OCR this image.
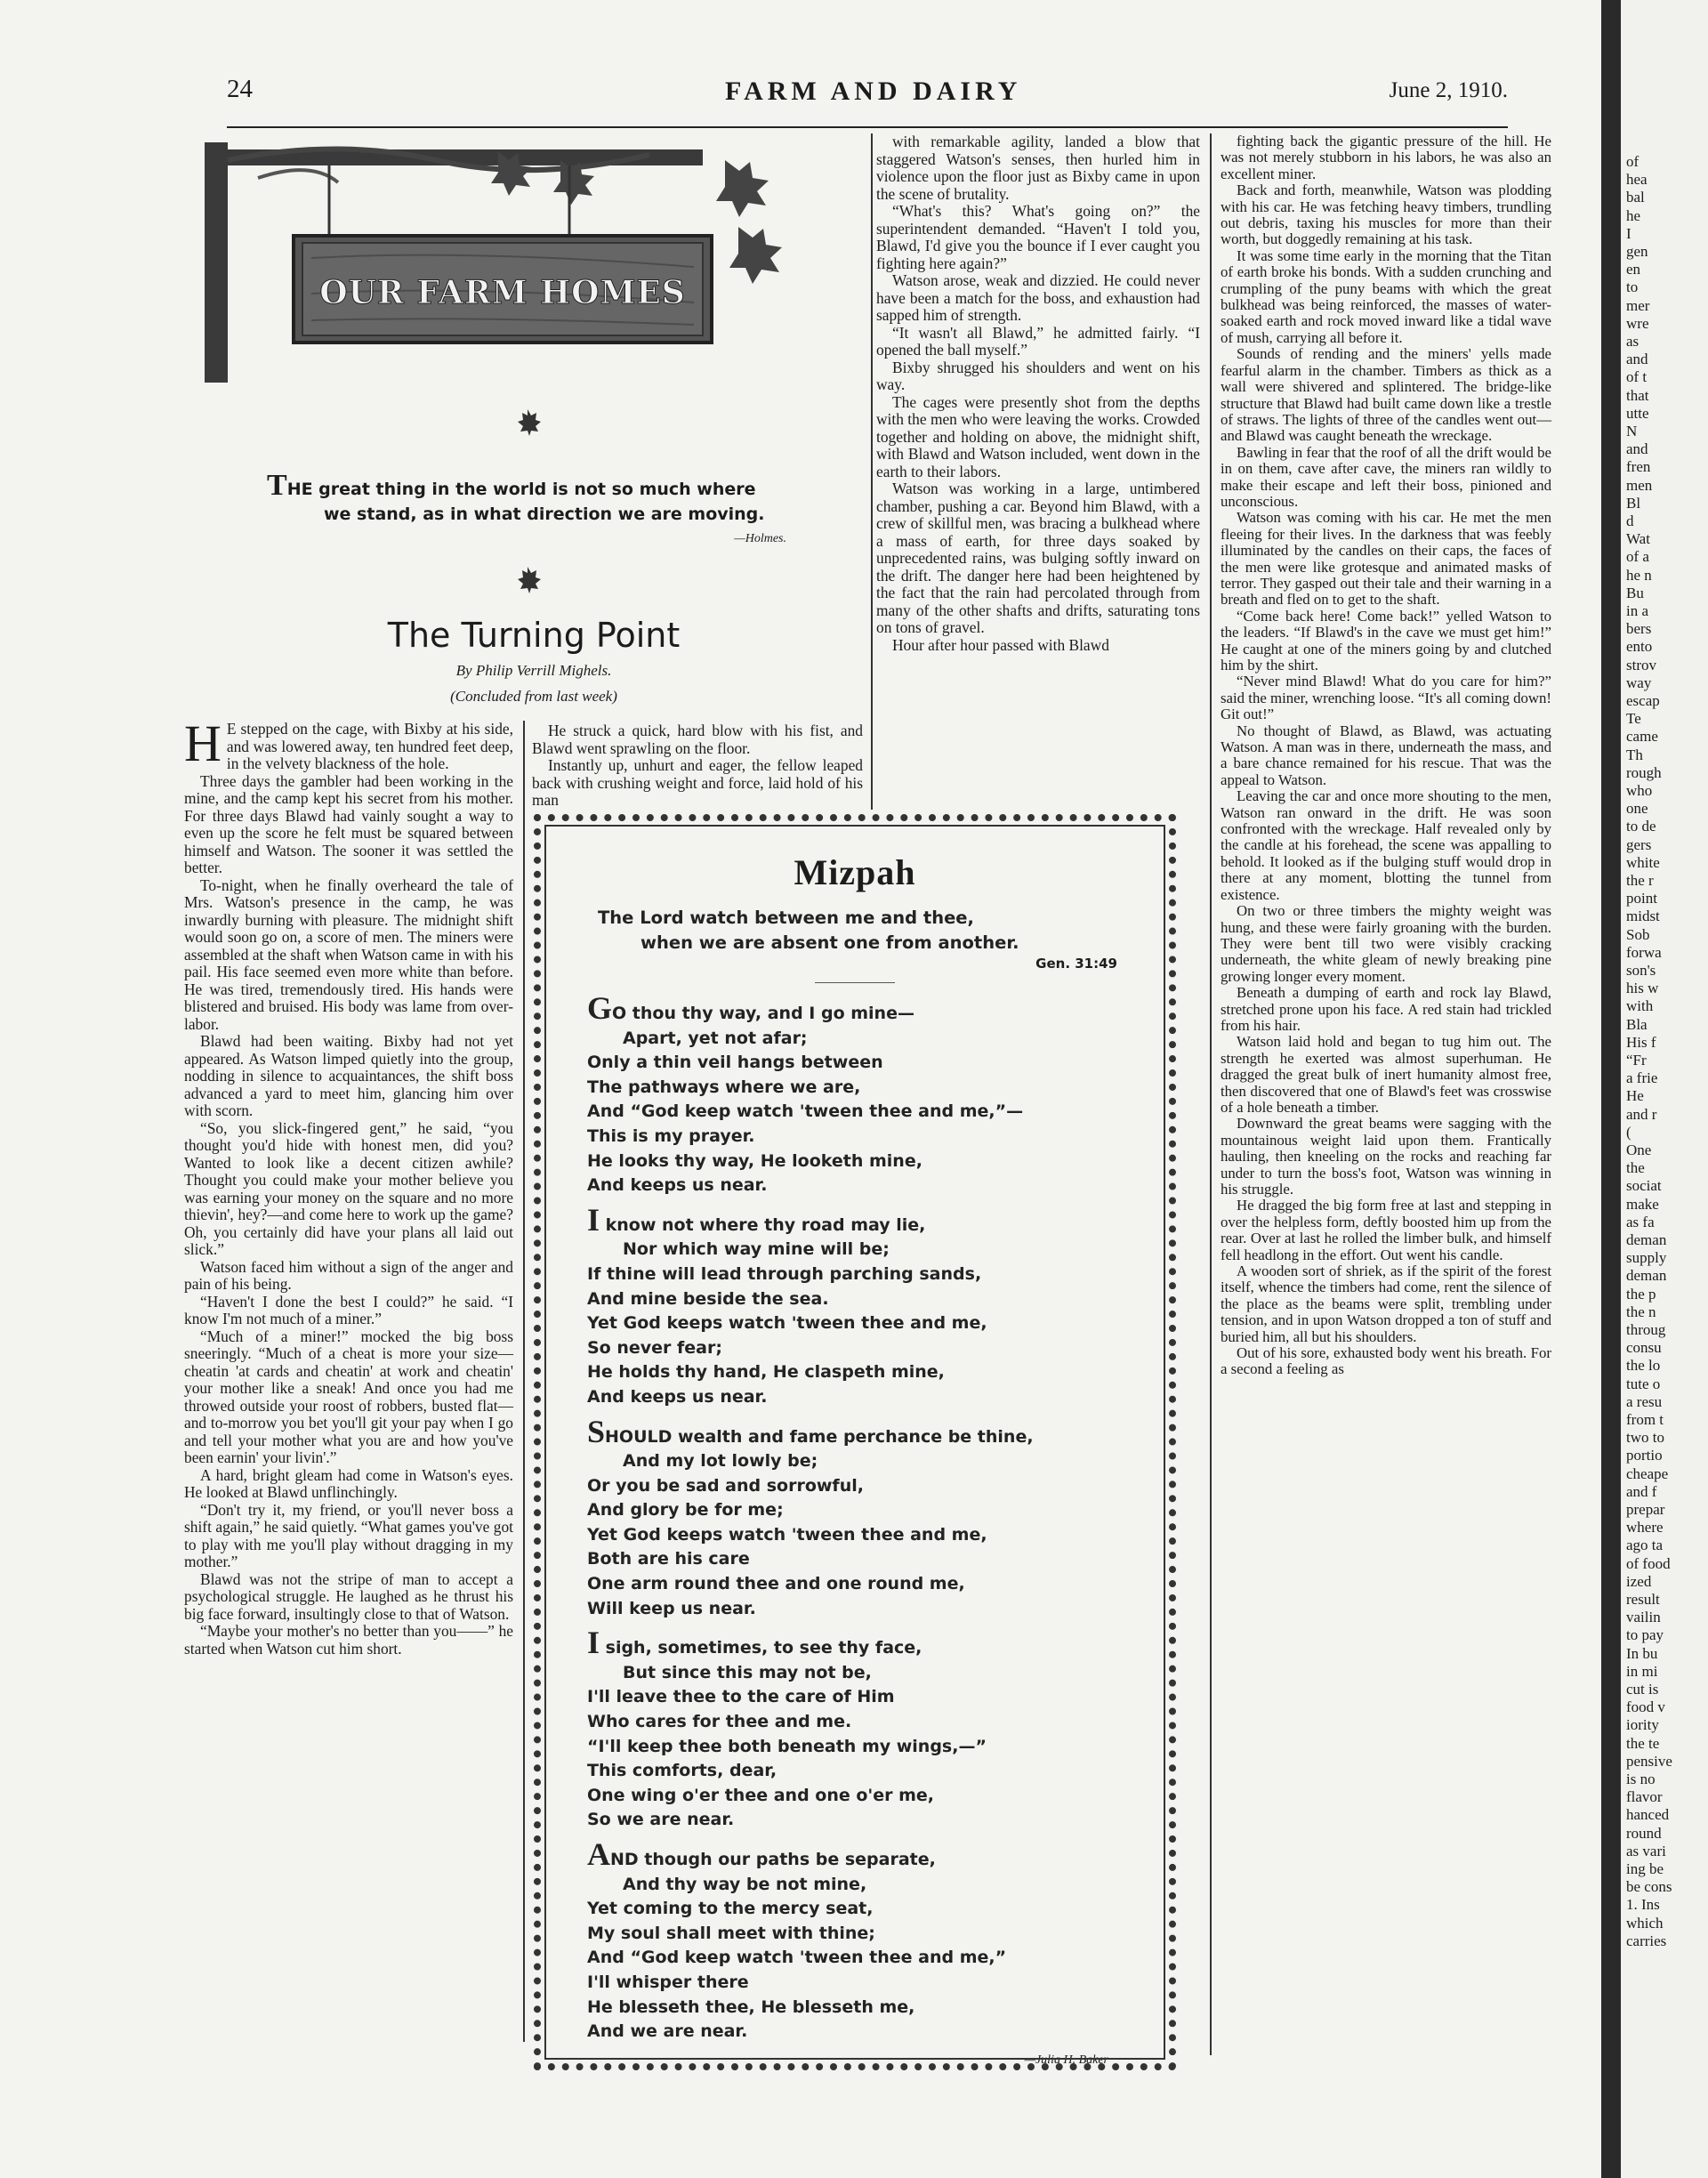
24	FARM AND DAIRY	June 2, 1910.
OUR FARM HOMES
THE great thing in the world is not so much where
we stand, as in what direction we are moving.
—Holmes.
The Turning Point
By Philip Verrill Mighels.
(Concluded from last week)

H E stepped on the cage, with Bixby at his side, and was lowered away, ten hundred feet deep, in the velvety blackness of the hole.

Three days the gambler had been working in the mine, and the camp kept his secret from his mother. For three days Blawd had vainly sought a way to even up the score he felt must be squared between himself and Watson. The sooner it was settled the better.

To-night, when he finally overheard the tale of Mrs. Watson's presence in the camp, he was inwardly burning with pleasure. The midnight shift would soon go on, a score of men. The miners were assembled at the shaft when Watson came in with his pail. His face seemed even more white than before. He was tired, tremendously tired. His hands were blistered and bruised. His body was lame from over-labor.

Blawd had been waiting. Bixby had not yet appeared. As Watson limped quietly into the group, nodding in silence to acquaintances, the shift boss advanced a yard to meet him, glancing him over with scorn.

“So, you slick-fingered gent,” he said, “you thought you'd hide with honest men, did you? Wanted to look like a decent citizen awhile? Thought you could make your mother believe you was earning your money on the square and no more thievin', hey?—and come here to work up the game? Oh, you certainly did have your plans all laid out slick.”

Watson faced him without a sign of the anger and pain of his being.

“Haven't I done the best I could?” he said. “I know I'm not much of a miner.”

“Much of a miner!” mocked the big boss sneeringly. “Much of a cheat is more your size—cheatin 'at cards and cheatin' at work and cheatin' your mother like a sneak! And once you had me throwed outside your roost of robbers, busted flat—and to-morrow you bet you'll git your pay when I go and tell your mother what you are and how you've been earnin' your livin'.”

A hard, bright gleam had come in Watson's eyes. He looked at Blawd unflinchingly.

“Don't try it, my friend, or you'll never boss a shift again,” he said quietly. “What games you've got to play with me you'll play without dragging in my mother.”

Blawd was not the stripe of man to accept a psychological struggle. He laughed as he thrust his big face forward, insultingly close to that of Watson.

“Maybe your mother's no better than you——” he started when Watson cut him short.

He struck a quick, hard blow with his fist, and Blawd went sprawling on the floor.

Instantly up, unhurt and eager, the fellow leaped back with crushing weight and force, laid hold of his man

with remarkable agility, landed a blow that staggered Watson's senses, then hurled him in violence upon the floor just as Bixby came in upon the scene of brutality.

“What's this? What's going on?” the superintendent demanded. “Haven't I told you, Blawd, I'd give you the bounce if I ever caught you fighting here again?”

Watson arose, weak and dizzied. He could never have been a match for the boss, and exhaustion had sapped him of strength.

“It wasn't all Blawd,” he admitted fairly. “I opened the ball myself.”

Bixby shrugged his shoulders and went on his way.

The cages were presently shot from the depths with the men who were leaving the works. Crowded together and holding on above, the midnight shift, with Blawd and Watson included, went down in the earth to their labors.

Watson was working in a large, untimbered chamber, pushing a car. Beyond him Blawd, with a crew of skillful men, was bracing a bulkhead where a mass of earth, for three days soaked by unprecedented rains, was bulging softly inward on the drift. The danger here had been heightened by the fact that the rain had percolated through from many of the other shafts and drifts, saturating tons on tons of gravel.

Hour after hour passed with Blawd

fighting back the gigantic pressure of the hill. He was not merely stubborn in his labors, he was also an excellent miner.

Back and forth, meanwhile, Watson was plodding with his car. He was fetching heavy timbers, trundling out debris, taxing his muscles for more than their worth, but doggedly remaining at his task.

It was some time early in the morning that the Titan of earth broke his bonds. With a sudden crunching and crumpling of the puny beams with which the great bulkhead was being reinforced, the masses of water-soaked earth and rock moved inward like a tidal wave of mush, carrying all before it.

Sounds of rending and the miners' yells made fearful alarm in the chamber. Timbers as thick as a wall were shivered and splintered. The bridge-like structure that Blawd had built came down like a trestle of straws. The lights of three of the candles went out—and Blawd was caught beneath the wreckage.

Bawling in fear that the roof of all the drift would be in on them, cave after cave, the miners ran wildly to make their escape and left their boss, pinioned and unconscious.

Watson was coming with his car. He met the men fleeing for their lives. In the darkness that was feebly illuminated by the candles on their caps, the faces of the men were like grotesque and animated masks of terror. They gasped out their tale and their warning in a breath and fled on to get to the shaft.

“Come back here! Come back!” yelled Watson to the leaders. “If Blawd's in the cave we must get him!” He caught at one of the miners going by and clutched him by the shirt.

“Never mind Blawd! What do you care for him?” said the miner, wrenching loose. “It's all coming down! Git out!”

No thought of Blawd, as Blawd, was actuating Watson. A man was in there, underneath the mass, and a bare chance remained for his rescue. That was the appeal to Watson.

Leaving the car and once more shouting to the men, Watson ran onward in the drift. He was soon confronted with the wreckage. Half revealed only by the candle at his forehead, the scene was appalling to behold. It looked as if the bulging stuff would drop in there at any moment, blotting the tunnel from existence.

On two or three timbers the mighty weight was hung, and these were fairly groaning with the burden. They were bent till two were visibly cracking underneath, the white gleam of newly breaking pine growing longer every moment.

Beneath a dumping of earth and rock lay Blawd, stretched prone upon his face. A red stain had trickled from his hair.

Watson laid hold and began to tug him out. The strength he exerted was almost superhuman. He dragged the great bulk of inert humanity almost free, then discovered that one of Blawd's feet was crosswise of a hole beneath a timber.

Downward the great beams were sagging with the mountainous weight laid upon them. Frantically hauling, then kneeling on the rocks and reaching far under to turn the boss's foot, Watson was winning in his struggle.

He dragged the big form free at last and stepping in over the helpless form, deftly boosted him up from the rear. Over at last he rolled the limber bulk, and himself fell headlong in the effort. Out went his candle.

A wooden sort of shriek, as if the spirit of the forest itself, whence the timbers had come, rent the silence of the place as the beams were split, trembling under tension, and in upon Watson dropped a ton of stuff and buried him, all but his shoulders.

Out of his sore, exhausted body went his breath. For a second a feeling as

Mizpah
The Lord watch between me and thee,
when we are absent one from another.
Gen. 31:49
GO thou thy way, and I go mine—
Apart, yet not afar;
Only a thin veil hangs between
The pathways where we are,
And “God keep watch 'tween thee and me,”—
This is my prayer.
He looks thy way, He looketh mine,
And keeps us near.
I know not where thy road may lie,
Nor which way mine will be;
If thine will lead through parching sands,
And mine beside the sea.
Yet God keeps watch 'tween thee and me,
So never fear;
He holds thy hand, He claspeth mine,
And keeps us near.
SHOULD wealth and fame perchance be thine,
And my lot lowly be;
Or you be sad and sorrowful,
And glory be for me;
Yet God keeps watch 'tween thee and me,
Both are his care
One arm round thee and one round me,
Will keep us near.
I sigh, sometimes, to see thy face,
But since this may not be,
I'll leave thee to the care of Him
Who cares for thee and me.
“I'll keep thee both beneath my wings,—”
This comforts, dear,
One wing o'er thee and one o'er me,
So we are near.
AND though our paths be separate,
And thy way be not mine,
Yet coming to the mercy seat,
My soul shall meet with thine;
And “God keep watch 'tween thee and me,”
I'll whisper there
He blesseth thee, He blesseth me,
And we are near.
—Julia H. Baker
of
hea
bal
he
I
gen
en
to
mer
wre
as
and
of t
that
utte
N
and
fren
men
Bl
d
Wat
of a
he n
Bu
in a
bers
ento
strov
way
escap
Te
came
Th
rough
who
one
to de
gers
white
the r
point
midst
Sob
forwa
son's
his w
with
Bla
His f
“Fr
a frie
He
and r
(
One
the
sociat
make
as fa
deman
supply
deman
the p
the n
throug
consu
the lo
tute o
a resu
from t
two to
portio
cheape
and f
prepar
where
ago ta
of food
ized
result
vailin
to pay
In bu
in mi
cut is
food v
iority
the te
pensive
is no
flavor
hanced
round
as vari
ing be
be cons
1. Ins
which
carries
